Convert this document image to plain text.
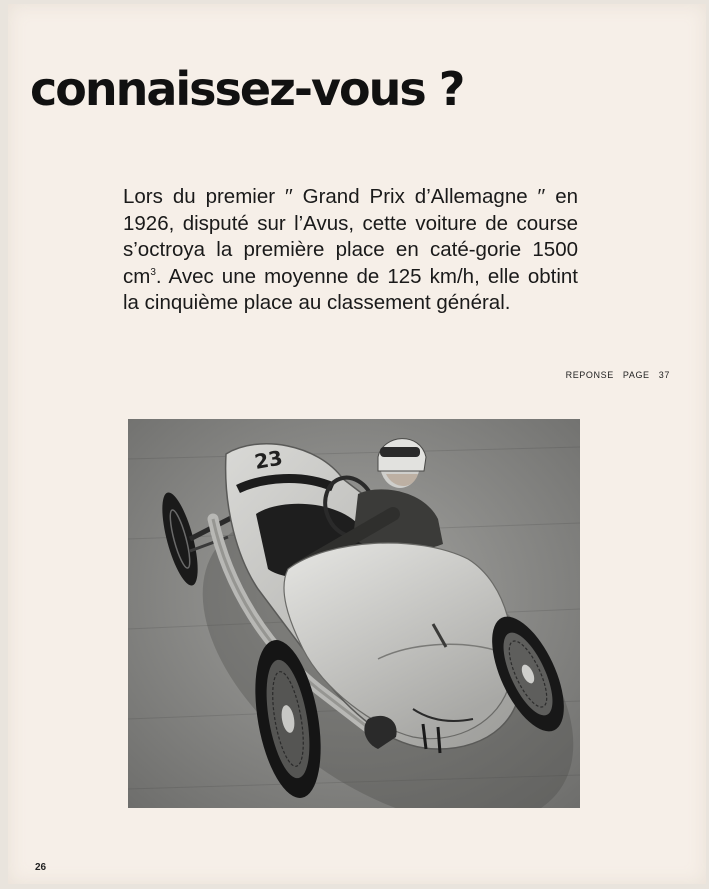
connaissez-vous ?

Lors du premier ′′ Grand Prix d’Allemagne ′′ en 1926, disputé sur l’Avus, cette voiture de course s’octroya la première place en caté-gorie 1500 $cm^3$. Avec une moyenne de 125 km/h, elle obtint la cinquième place au classement général.

REPONSE PAGE 37
23
26
